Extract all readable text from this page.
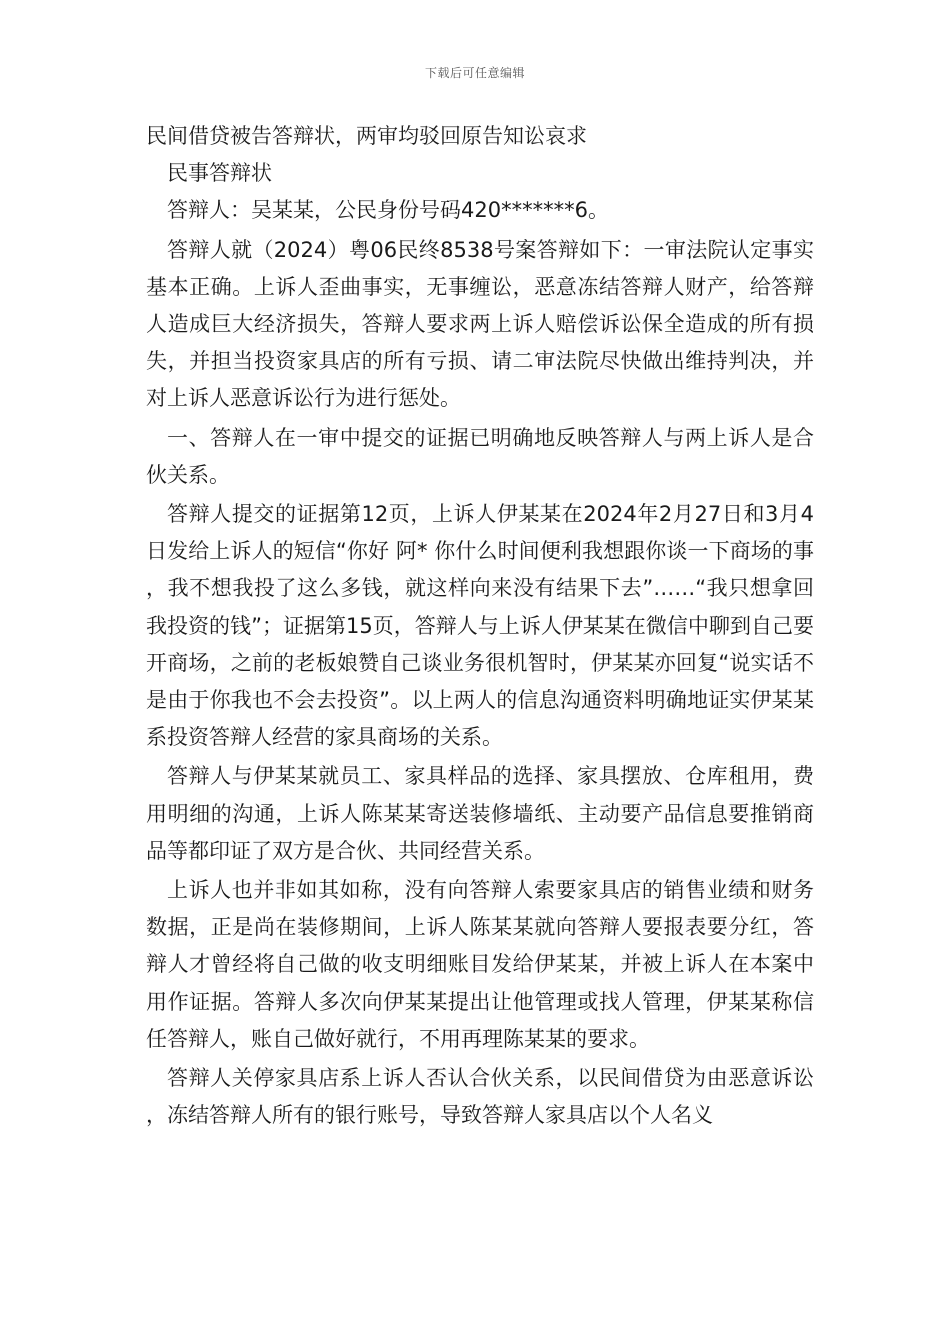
下载后可任意编辑

民间借贷被告答辩状，两审均驳回原告知讼哀求

民事答辩状

答辩人：吴某某，公民身份号码420*******6。

答辩人就（2024）粤06民终8538号案答辩如下：一审法院认定事实基本正确。上诉人歪曲事实，无事缠讼，恶意冻结答辩人财产，给答辩人造成巨大经济损失，答辩人要求两上诉人赔偿诉讼保全造成的所有损失，并担当投资家具店的所有亏损、请二审法院尽快做出维持判决，并对上诉人恶意诉讼行为进行惩处。

一、答辩人在一审中提交的证据已明确地反映答辩人与两上诉人是合伙关系。

答辩人提交的证据第12页，上诉人伊某某在2024年2月27日和3月4日发给上诉人的短信“你好 阿* 你什么时间便利我想跟你谈一下商场的事，我不想我投了这么多钱，就这样向来没有结果下去”……“我只想拿回我投资的钱”；证据第15页，答辩人与上诉人伊某某在微信中聊到自己要开商场，之前的老板娘赞自己谈业务很机智时，伊某某亦回复“说实话不是由于你我也不会去投资”。以上两人的信息沟通资料明确地证实伊某某系投资答辩人经营的家具商场的关系。

答辩人与伊某某就员工、家具样品的选择、家具摆放、仓库租用，费用明细的沟通，上诉人陈某某寄送装修墙纸、主动要产品信息要推销商品等都印证了双方是合伙、共同经营关系。

上诉人也并非如其如称，没有向答辩人索要家具店的销售业绩和财务数据，正是尚在装修期间，上诉人陈某某就向答辩人要报表要分红，答辩人才曾经将自己做的收支明细账目发给伊某某，并被上诉人在本案中用作证据。答辩人多次向伊某某提出让他管理或找人管理，伊某某称信任答辩人，账自己做好就行，不用再理陈某某的要求。

答辩人关停家具店系上诉人否认合伙关系，以民间借贷为由恶意诉讼，冻结答辩人所有的银行账号，导致答辩人家具店以个人名义
